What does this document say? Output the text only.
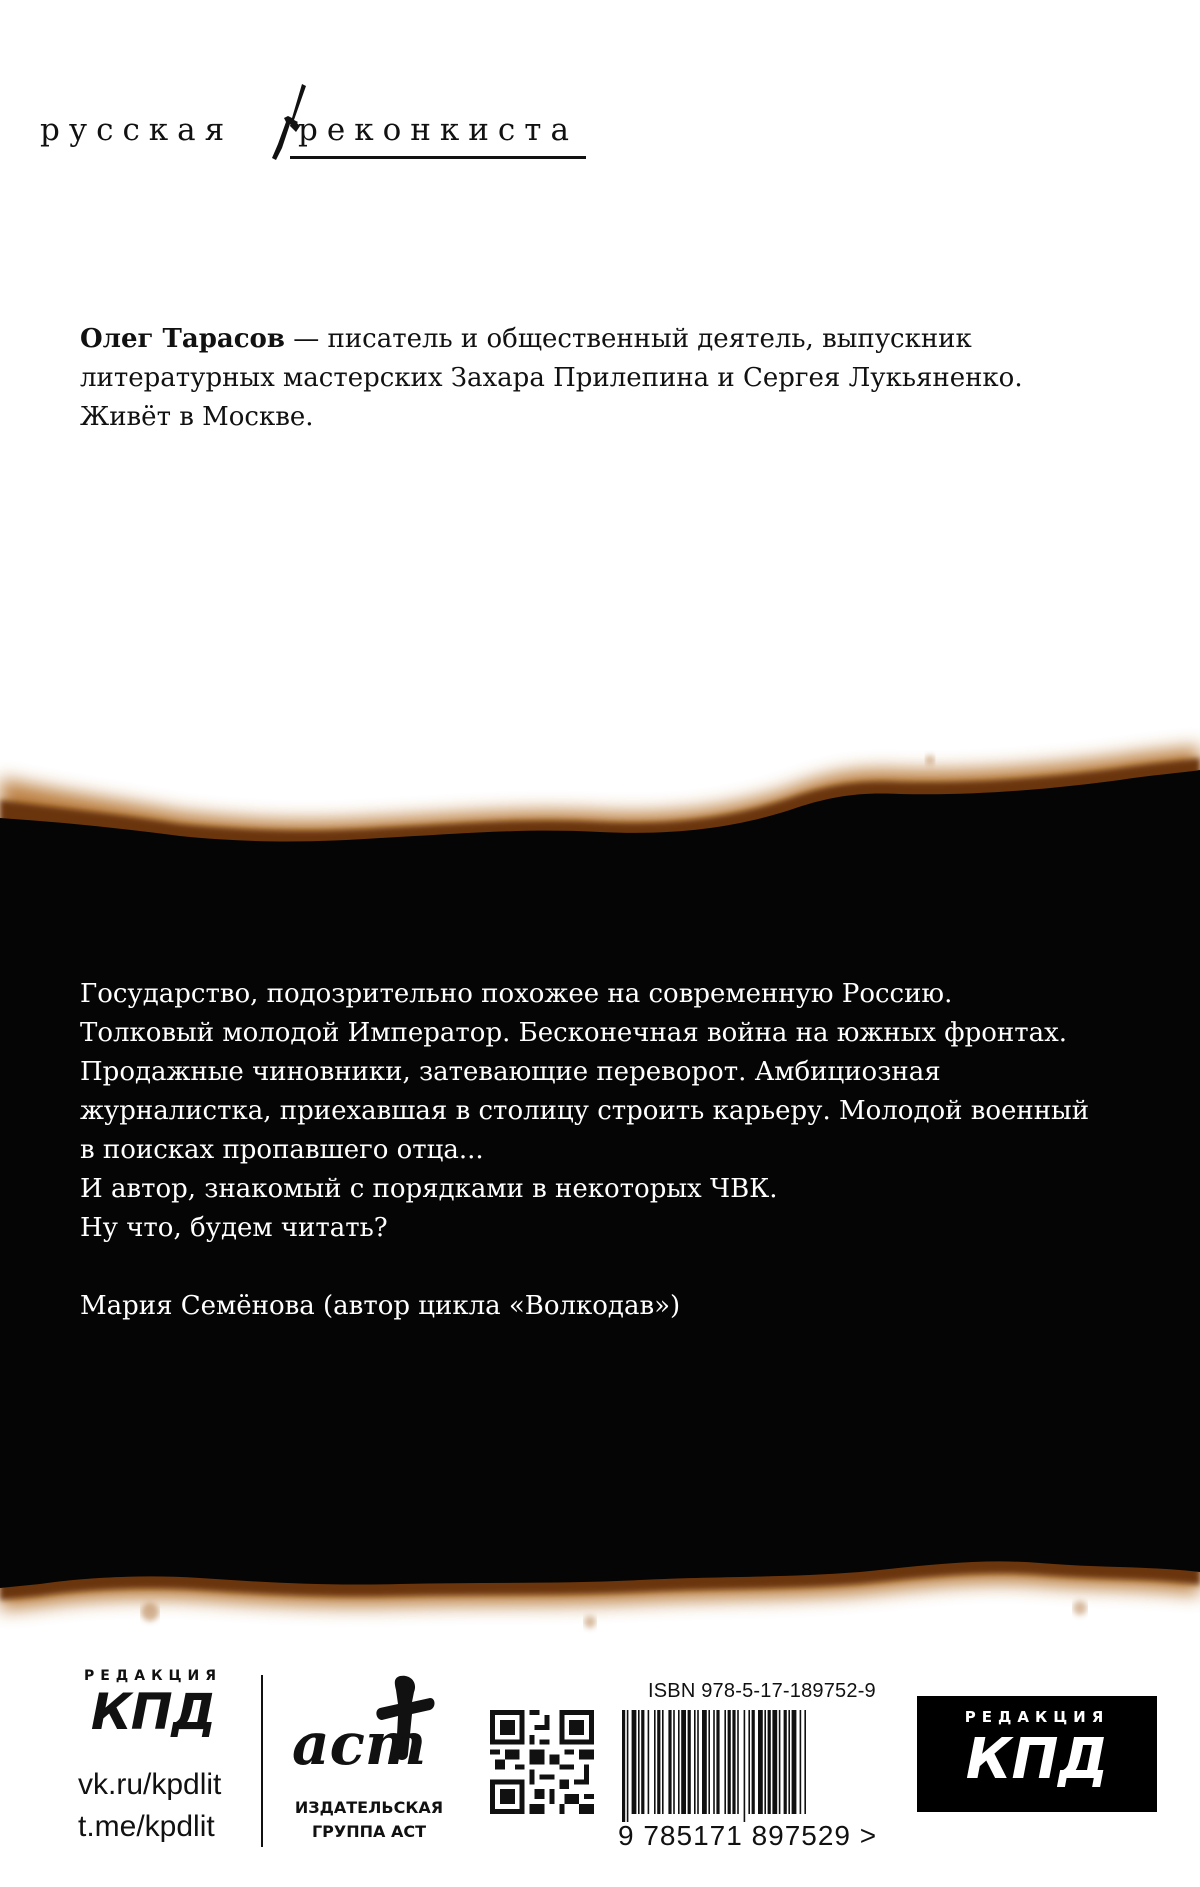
русская реконкиста
Олег Тарасов — писатель и общественный деятель, выпускник литературных мастерских Захара Прилепина и Сергея Лукьяненко. Живёт в Москве.

Государство, подозрительно похожее на современную Россию.

Толковый молодой Император. Бесконечная война на южных фронтах.

Продажные чиновники, затевающие переворот. Амбициозная

журналистка, приехавшая в столицу строить карьеру. Молодой военный

в поисках пропавшего отца...

И автор, знакомый с порядками в некоторых ЧВК.

Ну что, будем читать?

Мария Семёнова (автор цикла «Волкодав»)

РЕДАКЦИЯ
КПД
vk.ru/kpdlit
t.me/kpdlit
аст
ИЗДАТЕЛЬСКАЯ
ГРУППА АСТ
ISBN 978-5-17-189752-9
9 785171 897529 >
РЕДАКЦИЯ
КПД
